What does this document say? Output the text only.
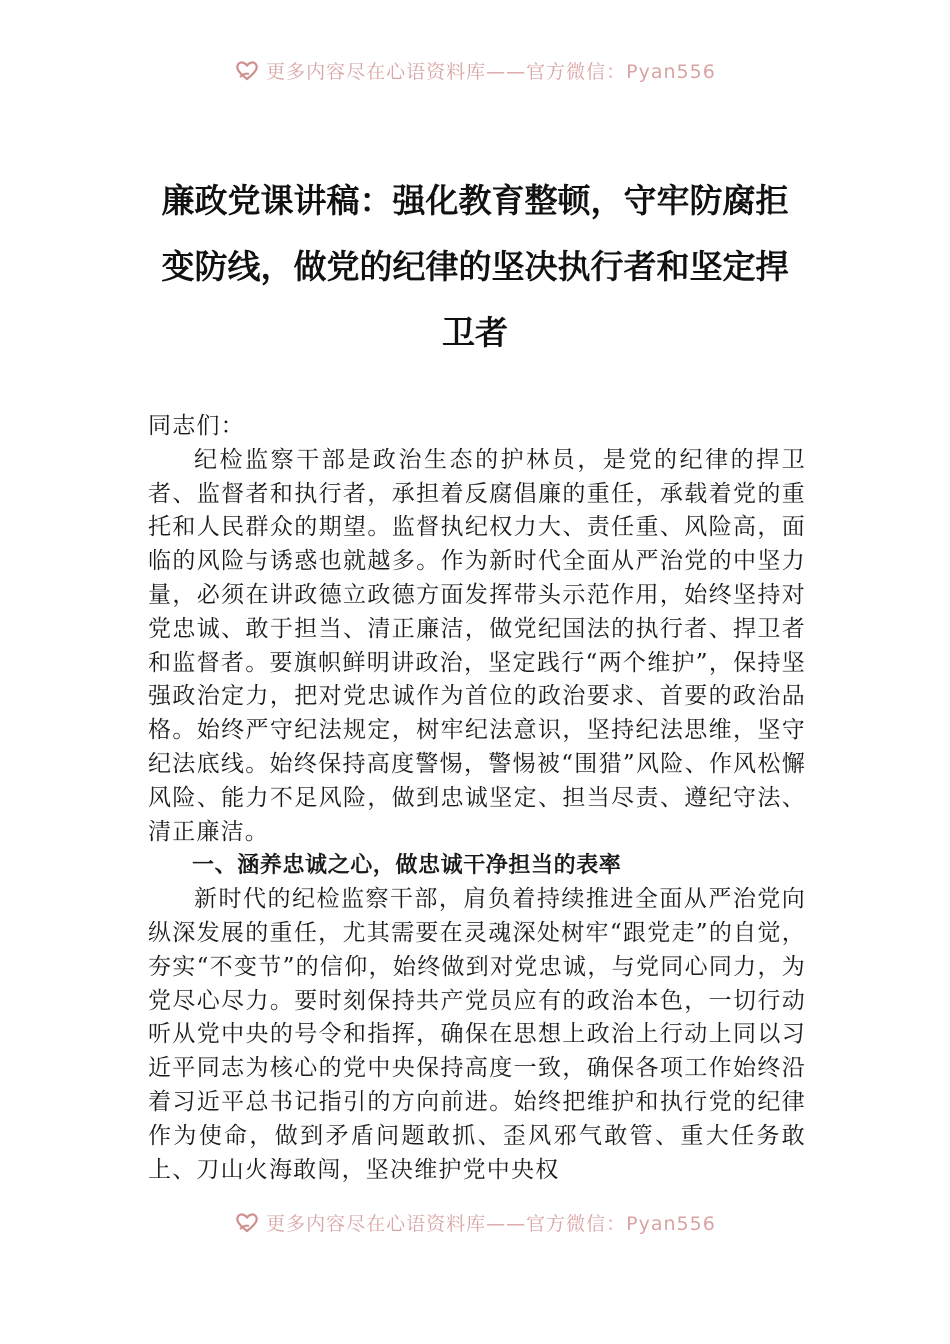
更多内容尽在心语资料库——官方微信：Pyan556
廉政党课讲稿：强化教育整顿，守牢防腐拒变防线，做党的纪律的坚决执行者和坚定捍卫者

同志们：

纪检监察干部是政治生态的护林员，是党的纪律的捍卫者、监督者和执行者，承担着反腐倡廉的重任，承载着党的重托和人民群众的期望。监督执纪权力大、责任重、风险高，面临的风险与诱惑也就越多。作为新时代全面从严治党的中坚力量，必须在讲政德立政德方面发挥带头示范作用，始终坚持对党忠诚、敢于担当、清正廉洁，做党纪国法的执行者、捍卫者和监督者。要旗帜鲜明讲政治，坚定践行“两个维护”，保持坚强政治定力，把对党忠诚作为首位的政治要求、首要的政治品格。始终严守纪法规定，树牢纪法意识，坚持纪法思维，坚守纪法底线。始终保持高度警惕，警惕被“围猎”风险、作风松懈风险、能力不足风险，做到忠诚坚定、担当尽责、遵纪守法、清正廉洁。

一、涵养忠诚之心，做忠诚干净担当的表率

新时代的纪检监察干部，肩负着持续推进全面从严治党向纵深发展的重任，尤其需要在灵魂深处树牢“跟党走”的自觉，夯实“不变节”的信仰，始终做到对党忠诚，与党同心同力，为党尽心尽力。要时刻保持共产党员应有的政治本色，一切行动听从党中央的号令和指挥，确保在思想上政治上行动上同以习近平同志为核心的党中央保持高度一致，确保各项工作始终沿着习近平总书记指引的方向前进。始终把维护和执行党的纪律作为使命，做到矛盾问题敢抓、歪风邪气敢管、重大任务敢上、刀山火海敢闯，坚决维护党中央权

更多内容尽在心语资料库——官方微信：Pyan556
